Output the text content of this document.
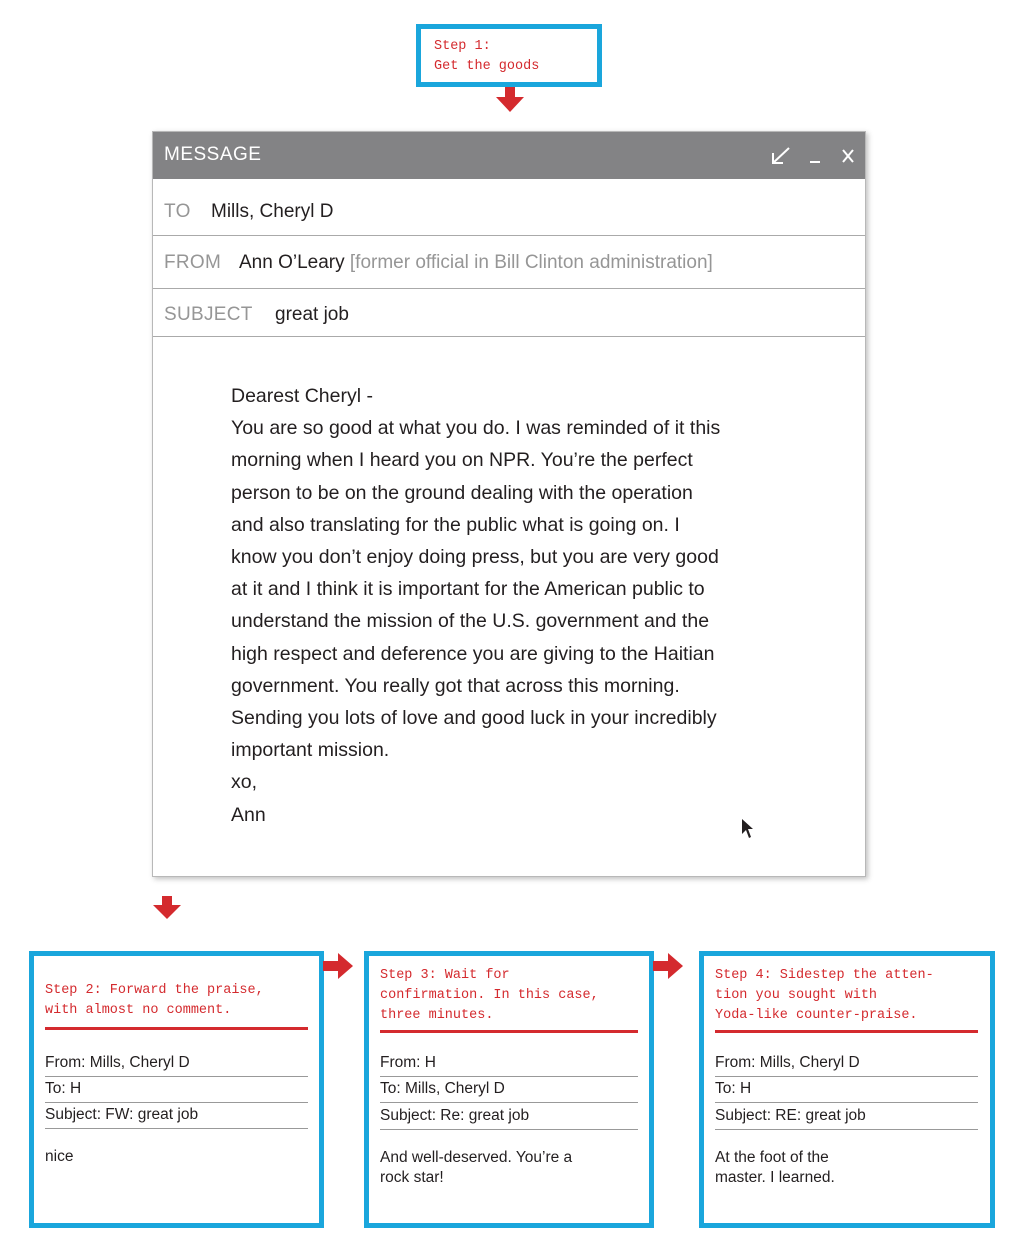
Step 1:
Get the goods
MESSAGE
TO Mills, Cheryl D
FROM Ann O’Leary [former official in Bill Clinton administration]
SUBJECT great job
Dearest Cheryl -
You are so good at what you do. I was reminded of it this
morning when I heard you on NPR. You’re the perfect
person to be on the ground dealing with the operation
and also translating for the public what is going on. I
know you don’t enjoy doing press, but you are very good
at it and I think it is important for the American public to
understand the mission of the U.S. government and the
high respect and deference you are giving to the Haitian
government. You really got that across this morning.
Sending you lots of love and good luck in your incredibly
important mission.
xo,
Ann
Step 2: Forward the praise,
with almost no comment.
From: Mills, Cheryl D
To: H
Subject: FW: great job
nice
Step 3: Wait for
confirmation. In this case,
three minutes.
From: H
To: Mills, Cheryl D
Subject: Re: great job
And well-deserved. You’re a
rock star!
Step 4: Sidestep the atten-
tion you sought with
Yoda-like counter-praise.
From: Mills, Cheryl D
To: H
Subject: RE: great job
At the foot of the
master. I learned.
